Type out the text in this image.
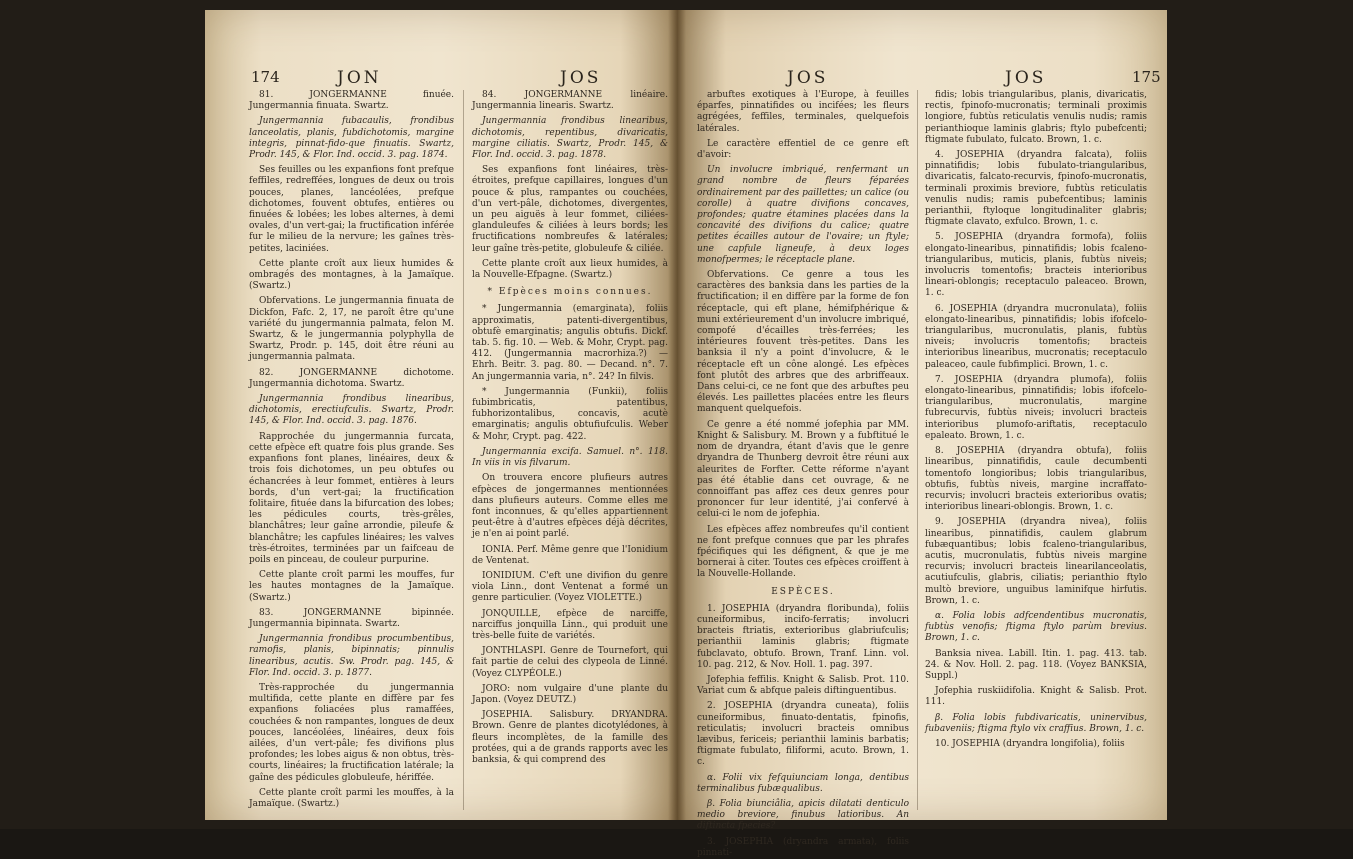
174	JON	JOS

81. JONGERMANNE finuée. Jungermannia finuata. Swartz.

Jungermannia fubacaulis, frondibus lanceolatis, planis, fubdichotomis, margine integris, pinnat-fido-que finuatis. Swartz, Prodr. 145, & Flor. Ind. occid. 3. pag. 1874.

Ses feuilles ou les expanfions font prefque feffiles, redreffées, longues de deux ou trois pouces, planes, lancéolées, prefque dichotomes, fouvent obtufes, entières ou finuées & lobées; les lobes alternes, à demi ovales, d'un vert-gai; la fructification inférée fur le milieu de la nervure; les gaînes très-petites, laciniées.

Cette plante croît aux lieux humides & ombragés des montagnes, à la Jamaïque. (Swartz.)

Obfervations. Le jungermannia finuata de Dickfon, Fafc. 2, 17, ne paroît être qu'une variété du jungermannia palmata, felon M. Swartz, & le jungermannia polyphylla de Swartz, Prodr. p. 145, doit être réuni au jungermannia palmata.

82. JONGERMANNE dichotome. Jungermannia dichotoma. Swartz.

Jungermannia frondibus linearibus, dichotomis, erectiufculis. Swartz, Prodr. 145, & Flor. Ind. occid. 3. pag. 1876.

Rapprochée du jungermannia furcata, cette efpèce eft quatre fois plus grande. Ses expanfions font planes, linéaires, deux & trois fois dichotomes, un peu obtufes ou échancrées à leur fommet, entières à leurs bords, d'un vert-gai; la fructification folitaire, fituée dans la bifurcation des lobes; les pédicules courts, très-grêles, blanchâtres; leur gaîne arrondie, pileufe & blanchâtre; les capfules linéaires; les valves très-étroites, terminées par un faifceau de poils en pinceau, de couleur purpurine.

Cette plante croît parmi les mouffes, fur les hautes montagnes de la Jamaïque. (Swartz.)

83. JONGERMANNE bipinnée. Jungermannia bipinnata. Swartz.

Jungermannia frondibus procumbentibus, ramofis, planis, bipinnatis; pinnulis linearibus, acutis. Sw. Prodr. pag. 145, & Flor. Ind. occid. 3. p. 1877.

Très-rapprochée du jungermannia multifida, cette plante en diffère par fes expanfions foliacées plus ramaffées, couchées & non rampantes, longues de deux pouces, lancéolées, linéaires, deux fois ailées, d'un vert-pâle; fes divifions plus profondes; les lobes aigus & non obtus, très-courts, linéaires; la fructification latérale; la gaîne des pédicules globuleufe, hériffée.

Cette plante croît parmi les mouffes, à la Jamaïque. (Swartz.)

84. JONGERMANNE linéaire. Jungermannia linearis. Swartz.

Jungermannia frondibus linearibus, dichotomis, repentibus, divaricatis, margine ciliatis. Swartz, Prodr. 145, & Flor. Ind. occid. 3. pag. 1878.

Ses expanfions font linéaires, très-étroites, prefque capillaires, longues d'un pouce & plus, rampantes ou couchées, d'un vert-pâle, dichotomes, divergentes, un peu aiguës à leur fommet, ciliées-glanduleufes & ciliées à leurs bords; les fructifications nombreufes & latérales; leur gaîne très-petite, globuleufe & ciliée.

Cette plante croît aux lieux humides, à la Nouvelle-Efpagne. (Swartz.)

* Efpèces moins connues.

* Jungermannia (emarginata), foliis approximatis, patenti-divergentibus, obtufè emarginatis; angulis obtufis. Dickf. tab. 5. fig. 10. — Web. & Mohr, Crypt. pag. 412. (Jungermannia macrorhiza.?) — Ehrh. Beitr. 3. pag. 80. — Decand. n°. 7. An jungermannia varia, n°. 24? In filvis.

* Jungermannia (Funkii), foliis fubimbricatis, patentibus, fubhorizontalibus, concavis, acutè emarginatis; angulis obtufiufculis. Weber & Mohr, Crypt. pag. 422.

Jungermannia excifa. Samuel. n°. 118. In viis in vis filvarum.

On trouvera encore plufieurs autres efpèces de jongermannes mentionnées dans plufieurs auteurs. Comme elles me font inconnues, & qu'elles appartiennent peut-être à d'autres efpèces déjà décrites, je n'en ai point parlé.

IONIA. Perf. Même genre que l'Ionidium de Ventenat.

IONIDIUM. C'eft une divifion du genre viola Linn., dont Ventenat a formé un genre particulier. (Voyez VIOLETTE.)

JONQUILLE, efpèce de narciffe, narciffus jonquilla Linn., qui produit une très-belle fuite de variétés.

JONTHLASPI. Genre de Tournefort, qui fait partie de celui des clypeola de Linné. (Voyez CLYPÉOLE.)

JORO: nom vulgaire d'une plante du Japon. (Voyez DEUTZ.)

JOSEPHIA. Salisbury. DRYANDRA. Brown. Genre de plantes dicotylédones, à fleurs incomplètes, de la famille des protées, qui a de grands rapports avec les banksia, & qui comprend des

JOS	JOS	175

arbuftes exotiques à l'Europe, à feuilles éparfes, pinnatifides ou incifées; les fleurs agrégées, feffiles, terminales, quelquefois latérales.

Le caractère effentiel de ce genre eft d'avoir:

Un involucre imbriqué, renfermant un grand nombre de fleurs féparées ordinairement par des paillettes; un calice (ou corolle) à quatre divifions concaves, profondes; quatre étamines placées dans la concavité des divifions du calice; quatre petites écailles autour de l'ovaire; un ftyle; une capfule ligneufe, à deux loges monofpermes; le réceptacle plane.

Obfervations. Ce genre a tous les caractères des banksia dans les parties de la fructification; il en diffère par la forme de fon réceptacle, qui eft plane, hémifphérique & muni extérieurement d'un involucre imbriqué, compofé d'écailles très-ferrées; les intérieures fouvent très-petites. Dans les banksia il n'y a point d'involucre, & le réceptacle eft un cône alongé. Les efpèces font plutôt des arbres que des arbriffeaux. Dans celui-ci, ce ne font que des arbuftes peu élevés. Les paillettes placées entre les fleurs manquent quelquefois.

Ce genre a été nommé jofephia par MM. Knight & Salisbury. M. Brown y a fubftitué le nom de dryandra, étant d'avis que le genre dryandra de Thunberg devroit être réuni aux aleurites de Forfter. Cette réforme n'ayant pas été établie dans cet ouvrage, & ne connoiffant pas affez ces deux genres pour prononcer fur leur identité, j'ai confervé à celui-ci le nom de jofephia.

Les efpèces affez nombreufes qu'il contient ne font prefque connues que par les phrafes fpécifiques qui les défignent, & que je me bornerai à citer. Toutes ces efpèces croiffent à la Nouvelle-Hollande.

ESPÈCES.

1. JOSEPHIA (dryandra floribunda), foliis cuneiformibus, incifo-ferratis; involucri bracteis ftriatis, exterioribus glabriufculis; perianthii laminis glabris; ftigmate fubclavato, obtufo. Brown, Tranf. Linn. vol. 10. pag. 212, & Nov. Holl. 1. pag. 397.

Jofephia feffilis. Knight & Salisb. Prot. 110. Variat cum & abfque paleis diftinguentibus.

2. JOSEPHIA (dryandra cuneata), foliis cuneiformibus, finuato-dentatis, fpinofis, reticulatis; involucri bracteis omnibus lævibus, fericeis; perianthii laminis barbatis; ftigmate fubulato, filiformi, acuto. Brown, 1. c.

α. Folii vix fefquiunciam longa, dentibus terminalibus fubæqualibus.

β. Folia biunciâlia, apicis dilatati denticulo medio breviore, finubus latioribus. An diftincta fpecies?

3. JOSEPHIA (dryandra armata), foliis pinnati-

fidis; lobis triangularibus, planis, divaricatis, rectis, fpinofo-mucronatis; terminali proximis longiore, fubtùs reticulatis venulis nudis; ramis perianthioque laminis glabris; ftylo pubefcenti; ftigmate fubulato, fulcato. Brown, 1. c.

4. JOSEPHIA (dryandra falcata), foliis pinnatifidis; lobis fubulato-triangularibus, divaricatis, falcato-recurvis, fpinofo-mucronatis, terminali proximis breviore, fubtùs reticulatis venulis nudis; ramis pubefcentibus; laminis perianthii, ftyloque longitudinaliter glabris; ftigmate clavato, exfulco. Brown, 1. c.

5. JOSEPHIA (dryandra formofa), foliis elongato-linearibus, pinnatifidis; lobis fcaleno-triangularibus, muticis, planis, fubtùs niveis; involucris tomentofis; bracteis interioribus lineari-oblongis; receptaculo paleaceo. Brown, 1. c.

6. JOSEPHIA (dryandra mucronulata), foliis elongato-linearibus, pinnatifidis; lobis ifofcelo-triangularibus, mucronulatis, planis, fubtùs niveis; involucris tomentofis; bracteis interioribus linearibus, mucronatis; receptaculo paleaceo, caule fubfimplici. Brown, 1. c.

7. JOSEPHIA (dryandra plumofa), foliis elongato-linearibus, pinnatifidis; lobis ifofcelo-triangularibus, mucronulatis, margine fubrecurvis, fubtùs niveis; involucri bracteis interioribus plumofo-ariftatis, receptaculo epaleato. Brown, 1. c.

8. JOSEPHIA (dryandra obtufa), foliis linearibus, pinnatifidis, caule decumbenti tomentofo longioribus; lobis triangularibus, obtufis, fubtùs niveis, margine incraffato-recurvis; involucri bracteis exterioribus ovatis; interioribus lineari-oblongis. Brown, 1. c.

9. JOSEPHIA (dryandra nivea), foliis linearibus, pinnatifidis, caulem glabrum fubæquantibus; lobis fcaleno-triangularibus, acutis, mucronulatis, fubtùs niveis margine recurvis; involucri bracteis linearilanceolatis, acutiufculis, glabris, ciliatis; perianthio ftylo multò breviore, unguibus laminifque hirfutis. Brown, 1. c.

α. Folia lobis adfcendentibus mucronatis, fubtùs venofis; ftigma ftylo parùm brevius. Brown, 1. c.

Banksia nivea. Labill. Itin. 1. pag. 413. tab. 24. & Nov. Holl. 2. pag. 118. (Voyez BANKSIA, Suppl.)

Jofephia ruskiidifolia. Knight & Salisb. Prot. 111.

β. Folia lobis fubdivaricatis, uninervibus, fubaveniis; ftigma ftylo vix craffius. Brown, 1. c.

10. JOSEPHIA (dryandra longifolia), foliis
